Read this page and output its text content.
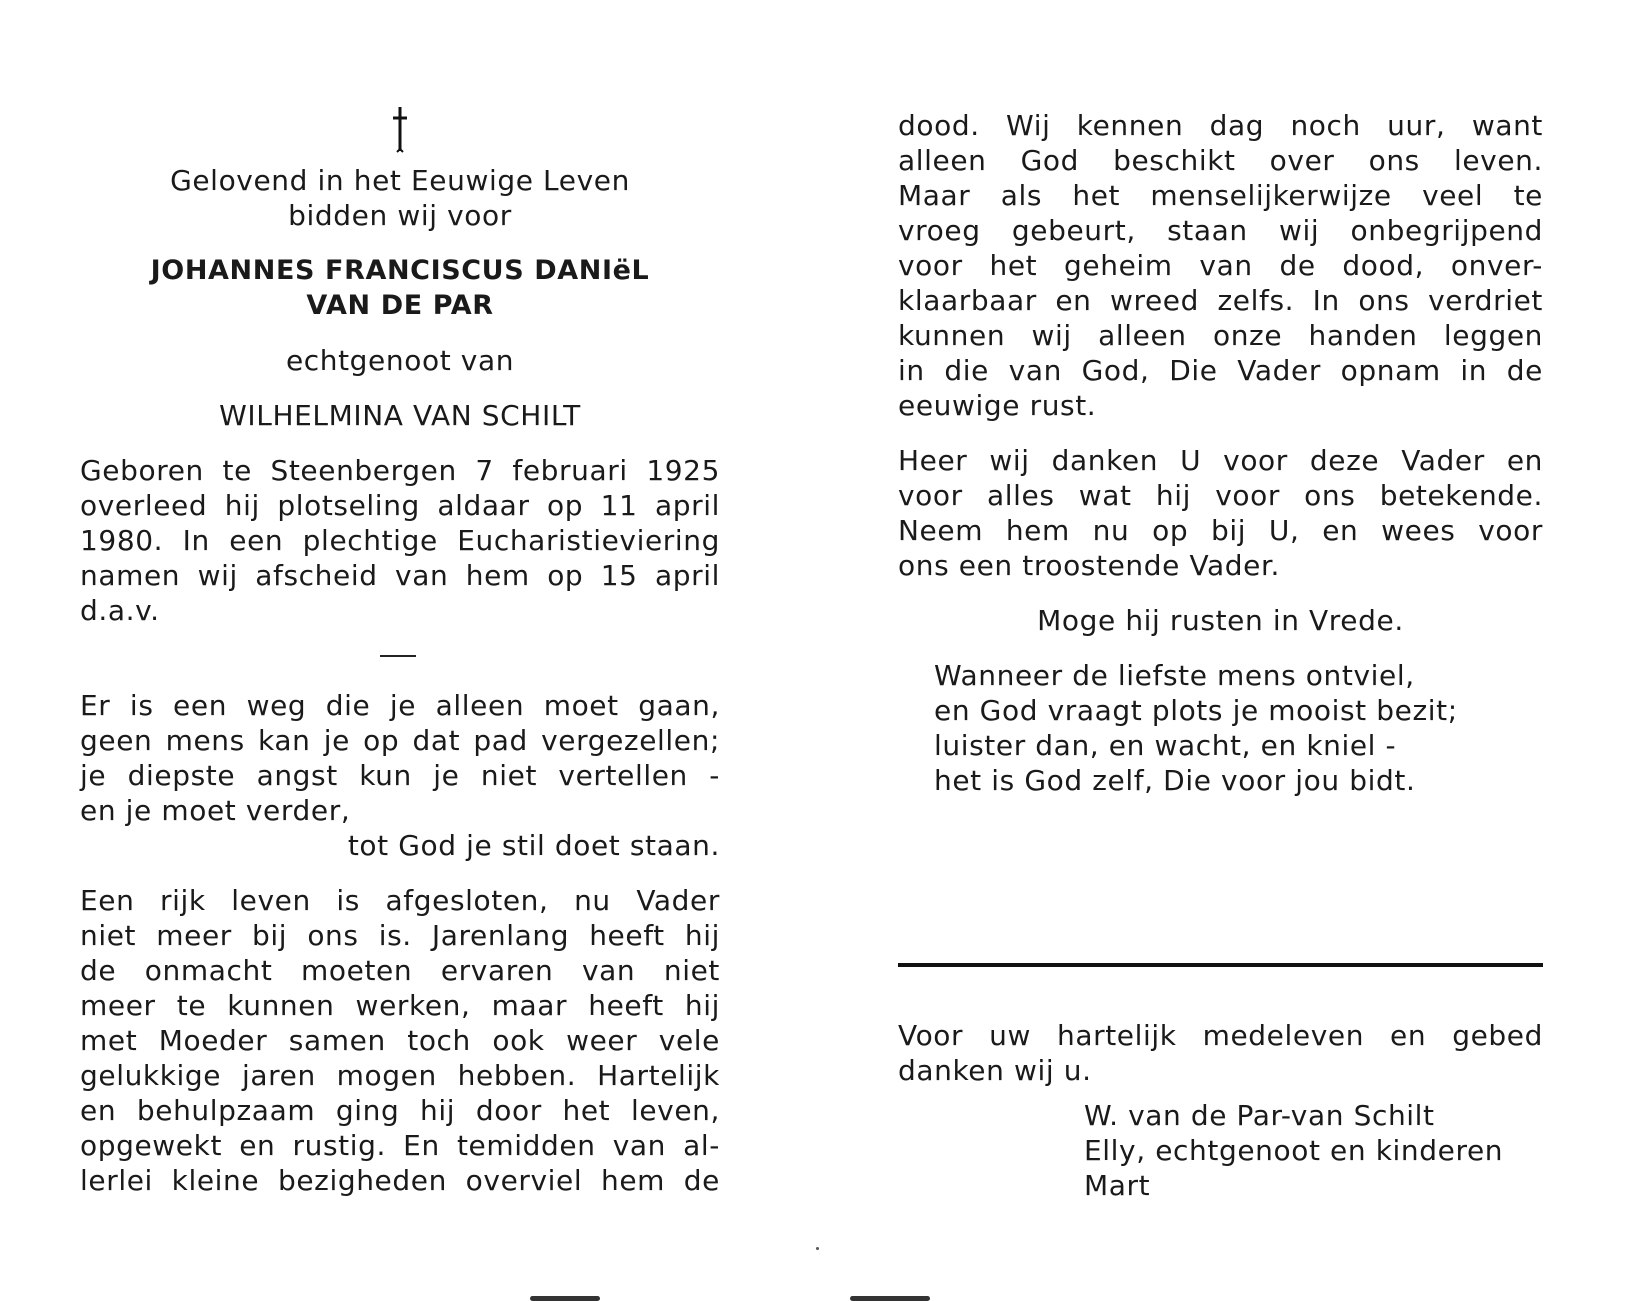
Gelovend in het Eeuwige Leven
bidden wij voor
JOHANNES FRANCISCUS DANIëL
VAN DE PAR
echtgenoot van
WILHELMINA VAN SCHILT
Geboren te Steenbergen 7 februari 1925
overleed hij plotseling aldaar op 11 april
1980. In een plechtige Eucharistieviering
namen wij afscheid van hem op 15 april
d.a.v.
Er is een weg die je alleen moet gaan,
geen mens kan je op dat pad vergezellen;
je diepste angst kun je niet vertellen -
en je moet verder,
tot God je stil doet staan.
Een rijk leven is afgesloten, nu Vader
niet meer bij ons is. Jarenlang heeft hij
de onmacht moeten ervaren van niet
meer te kunnen werken, maar heeft hij
met Moeder samen toch ook weer vele
gelukkige jaren mogen hebben. Hartelijk
en behulpzaam ging hij door het leven,
opgewekt en rustig. En temidden van al-
lerlei kleine bezigheden overviel hem de
dood. Wij kennen dag noch uur, want
alleen God beschikt over ons leven.
Maar als het menselijkerwijze veel te
vroeg gebeurt, staan wij onbegrijpend
voor het geheim van de dood, onver-
klaarbaar en wreed zelfs. In ons verdriet
kunnen wij alleen onze handen leggen
in die van God, Die Vader opnam in de
eeuwige rust.
Heer wij danken U voor deze Vader en
voor alles wat hij voor ons betekende.
Neem hem nu op bij U, en wees voor
ons een troostende Vader.
Moge hij rusten in Vrede.
Wanneer de liefste mens ontviel,
en God vraagt plots je mooist bezit;
luister dan, en wacht, en kniel -
het is God zelf, Die voor jou bidt.
Voor uw hartelijk medeleven en gebed
danken wij u.
W. van de Par-van Schilt
Elly, echtgenoot en kinderen
Mart
